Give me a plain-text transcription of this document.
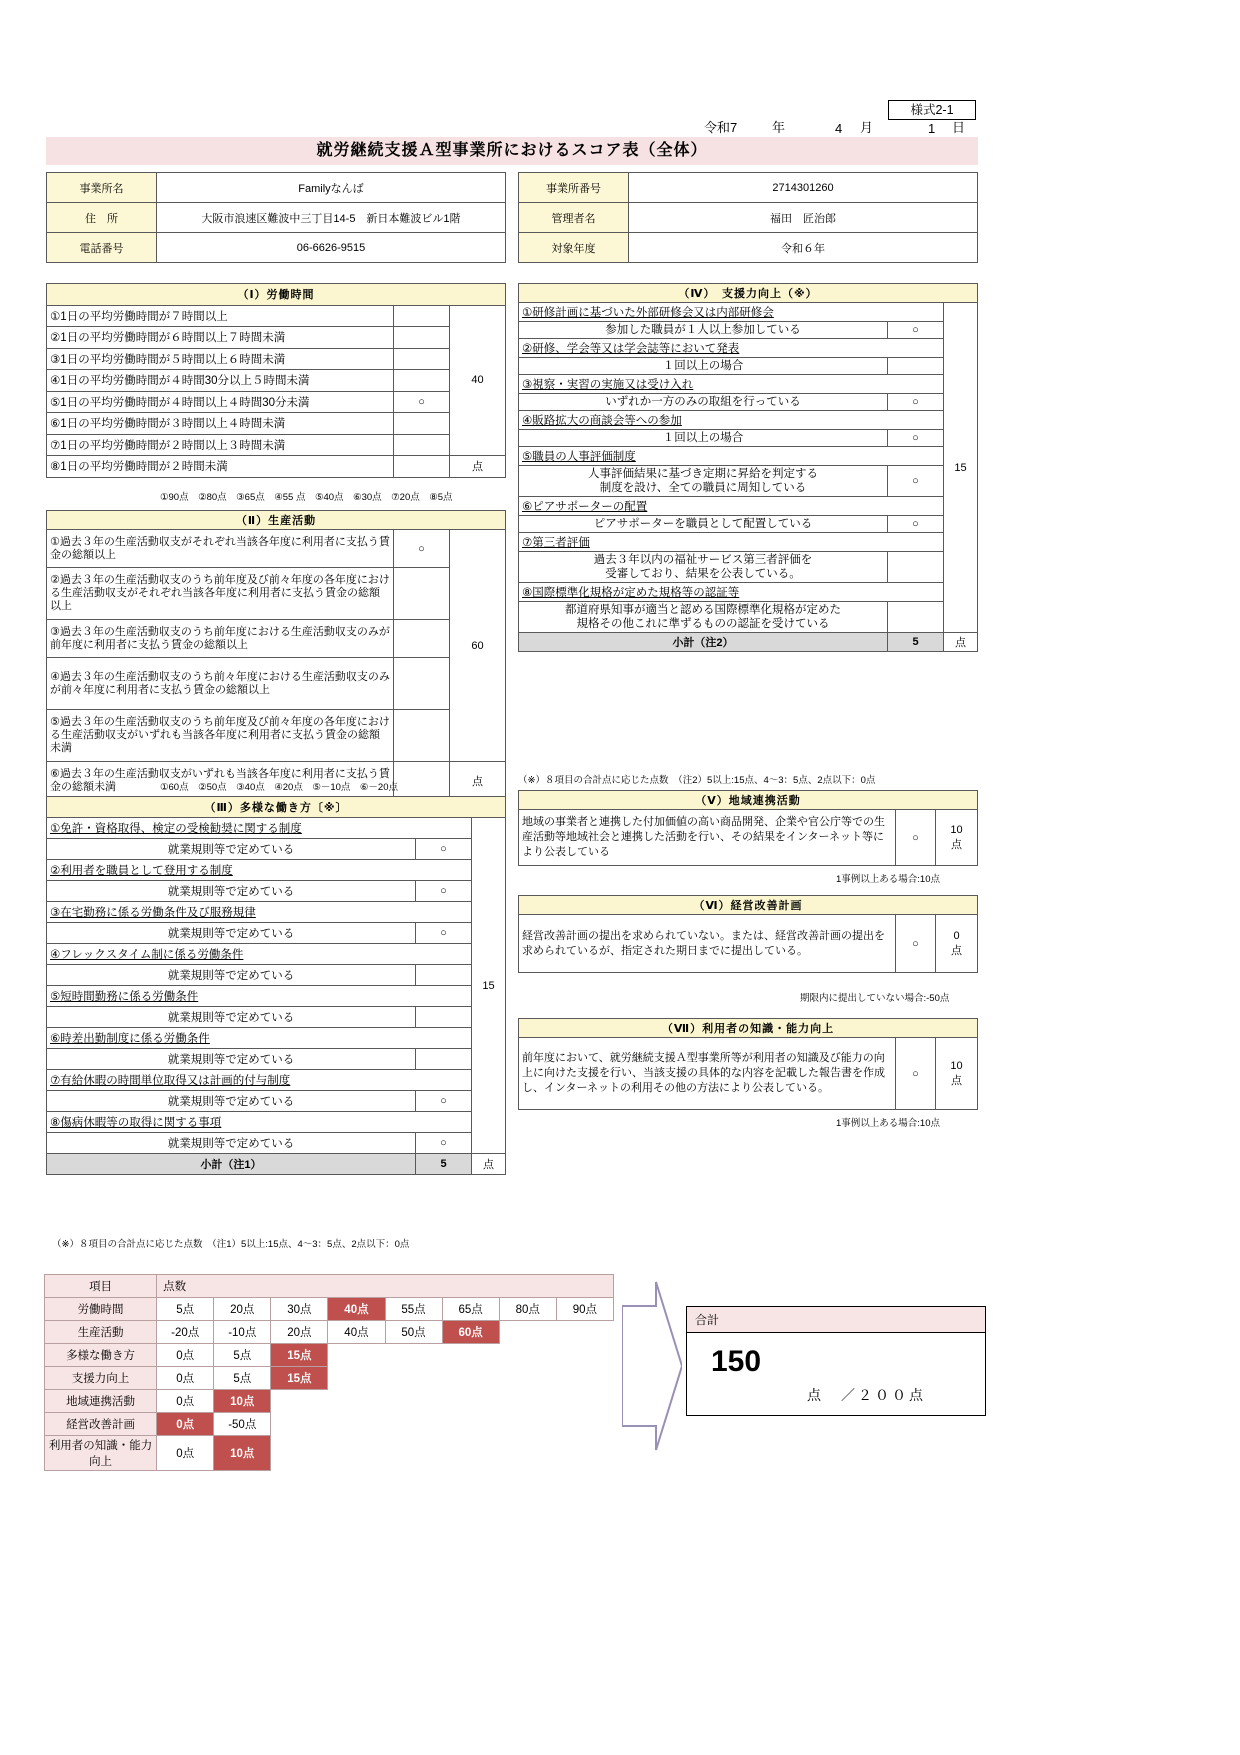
様式2-1
令和7	年	4 月	1 日
就労継続支援Ａ型事業所におけるスコア表（全体）
事業所名	Familyなんば
住　所	大阪市浪速区難波中三丁目14-5　新日本難波ビル1階
電話番号	06-6626-9515
事業所番号	2714301260
管理者名	福田　匠治郎
対象年度	令和６年
（Ⅰ）労働時間		
①1日の平均労働時間が７時間以上		40
②1日の平均労働時間が６時間以上７時間未満		
③1日の平均労働時間が５時間以上６時間未満		
④1日の平均労働時間が４時間30分以上５時間未満		
⑤1日の平均労働時間が４時間以上４時間30分未満	○	
⑥1日の平均労働時間が３時間以上４時間未満		
⑦1日の平均労働時間が２時間以上３時間未満		
⑧1日の平均労働時間が２時間未満		点
①90点　②80点　③65点　④55 点　⑤40点　⑥30点　⑦20点　⑧5点
（Ⅱ）生産活動		
①過去３年の生産活動収支がそれぞれ当該各年度に利用者に支払う賃金の総額以上	○	60
②過去３年の生産活動収支のうち前年度及び前々年度の各年度における生産活動収支がそれぞれ当該各年度に利用者に支払う賃金の総額以上		
③過去３年の生産活動収支のうち前年度における生産活動収支のみが前年度に利用者に支払う賃金の総額以上		
④過去３年の生産活動収支のうち前々年度における生産活動収支のみが前々年度に利用者に支払う賃金の総額以上		
⑤過去３年の生産活動収支のうち前年度及び前々年度の各年度における生産活動収支がいずれも当該各年度に利用者に支払う賃金の総額未満		
⑥過去３年の生産活動収支がいずれも当該各年度に利用者に支払う賃金の総額未満		点
①60点　②50点　③40点　④20点　⑤－10点　⑥－20点
（Ⅲ）多様な働き方〔※〕		
①免許・資格取得、検定の受検勧奨に関する制度		15
就業規則等で定めている	○	
②利用者を職員として登用する制度		
就業規則等で定めている	○	
③在宅勤務に係る労働条件及び服務規律		
就業規則等で定めている	○	
④フレックスタイム制に係る労働条件		
就業規則等で定めている		
⑤短時間勤務に係る労働条件		
就業規則等で定めている		
⑥時差出勤制度に係る労働条件		
就業規則等で定めている		
⑦有給休暇の時間単位取得又は計画的付与制度		
就業規則等で定めている	○	
⑧傷病休暇等の取得に関する事項		
就業規則等で定めている	○	
小計（注1）	5	点
（※）８項目の合計点に応じた点数　（注1）5以上:15点、4〜3：5点、2点以下：0点
（Ⅳ）　支援力向上（※）		
①研修計画に基づいた外部研修会又は内部研修会		15
参加した職員が１人以上参加している	○	
②研修、学会等又は学会誌等において発表		
１回以上の場合		
③視察・実習の実施又は受け入れ		
いずれか一方のみの取組を行っている	○	
④販路拡大の商談会等への参加		
１回以上の場合	○	
⑤職員の人事評価制度		
人事評価結果に基づき定期に昇給を判定する
制度を設け、全ての職員に周知している	○	
⑥ピアサポーターの配置		
ピアサポーターを職員として配置している	○	
⑦第三者評価		
過去３年以内の福祉サービス第三者評価を
受審しており、結果を公表している。		
⑧国際標準化規格が定めた規格等の認証等		
都道府県知事が適当と認める国際標準化規格が定めた
規格その他これに準ずるものの認証を受けている		
小計（注2）	5	点
（※）８項目の合計点に応じた点数　（注2）5以上:15点、4〜3：5点、2点以下：0点
（Ⅴ）地域連携活動
地域の事業者と連携した付加価値の高い商品開発、企業や官公庁等での生産活動等地域社会と連携した活動を行い、その結果をインターネット等により公表している	○	
10
点
1事例以上ある場合:10点
（Ⅵ）経営改善計画
経営改善計画の提出を求められていない。または、経営改善計画の提出を求められているが、指定された期日までに提出している。	○	
0
点
期限内に提出していない場合:-50点
（Ⅶ）利用者の知識・能力向上
前年度において、就労継続支援Ａ型事業所等が利用者の知識及び能力の向上に向けた支援を行い、当該支援の具体的な内容を記載した報告書を作成し、インターネットの利用その他の方法により公表している。	○	
10
点
1事例以上ある場合:10点
項目	点数							
労働時間	5点	20点	30点	40点	55点	65点	80点	90点
生産活動	-20点	-10点	20点	40点	50点	60点		
多様な働き方	0点	5点	15点					
支援力向上	0点	5点	15点					
地域連携活動	0点	10点						
経営改善計画	0点	-50点						
利用者の知識・能力向上	0点	10点						
合計
150
点　／２００点
